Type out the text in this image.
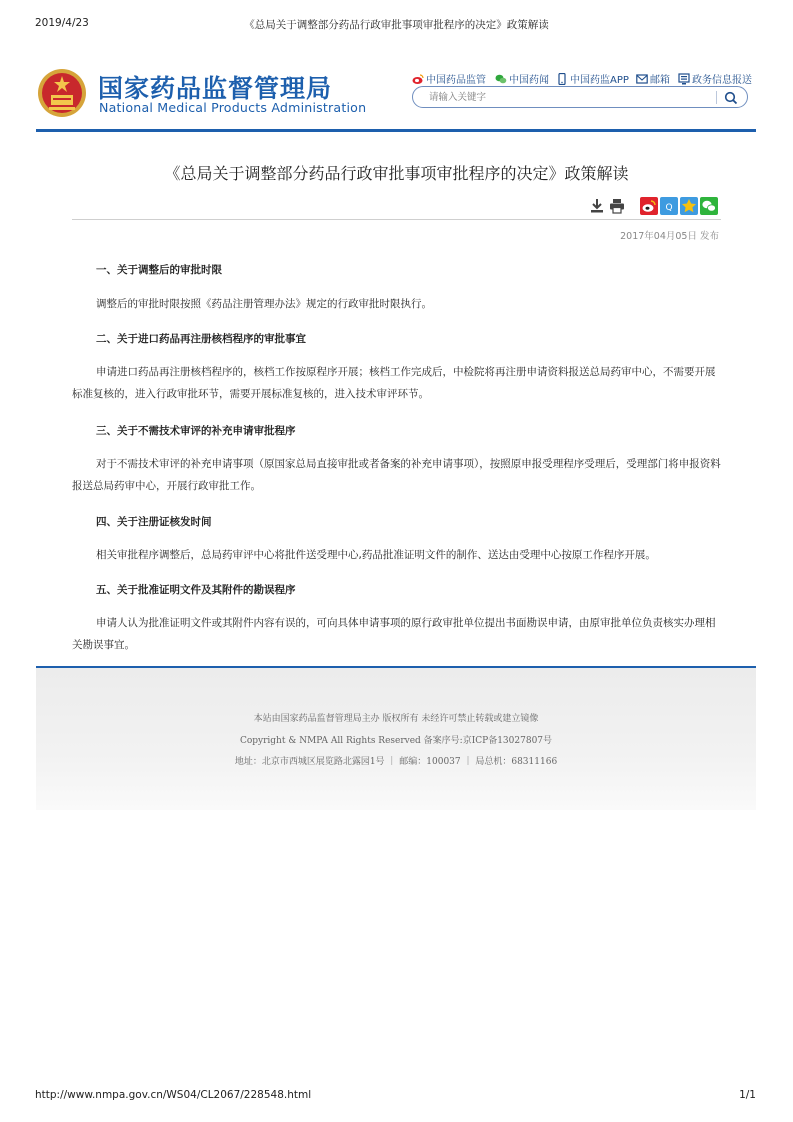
2019/4/23	《总局关于调整部分药品行政审批事项审批程序的决定》政策解读
国家药品监督管理局
National Medical Products Administration
中国药品监管 中国药闻 中国药监APP 邮箱 政务信息报送
请输入关键字
《总局关于调整部分药品行政审批事项审批程序的决定》政策解读
Q
2017年04月05日 发布
一、关于调整后的审批时限

调整后的审批时限按照《药品注册管理办法》规定的行政审批时限执行。

二、关于进口药品再注册核档程序的审批事宜

申请进口药品再注册核档程序的，核档工作按原程序开展；核档工作完成后，中检院将再注册申请资料报送总局药审中心，不需要开展标准复核的，进入行政审批环节，需要开展标准复核的，进入技术审评环节。

三、关于不需技术审评的补充申请审批程序

对于不需技术审评的补充申请事项（原国家总局直接审批或者备案的补充申请事项），按照原申报受理程序受理后，受理部门将申报资料报送总局药审中心，开展行政审批工作。

四、关于注册证核发时间

相关审批程序调整后，总局药审评中心将批件送受理中心,药品批准证明文件的制作、送达由受理中心按原工作程序开展。

五、关于批准证明文件及其附件的勘误程序

申请人认为批准证明文件或其附件内容有误的，可向具体申请事项的原行政审批单位提出书面勘误申请，由原审批单位负责核实办理相关勘误事宜。

本站由国家药品监督管理局主办 版权所有 未经许可禁止转载或建立镜像
Copyright & NMPA All Rights Reserved 备案序号:京ICP备13027807号
地址：北京市西城区展览路北露园1号 ｜ 邮编：100037 ｜ 局总机：68311166
http://www.nmpa.gov.cn/WS04/CL2067/228548.html	1/1
